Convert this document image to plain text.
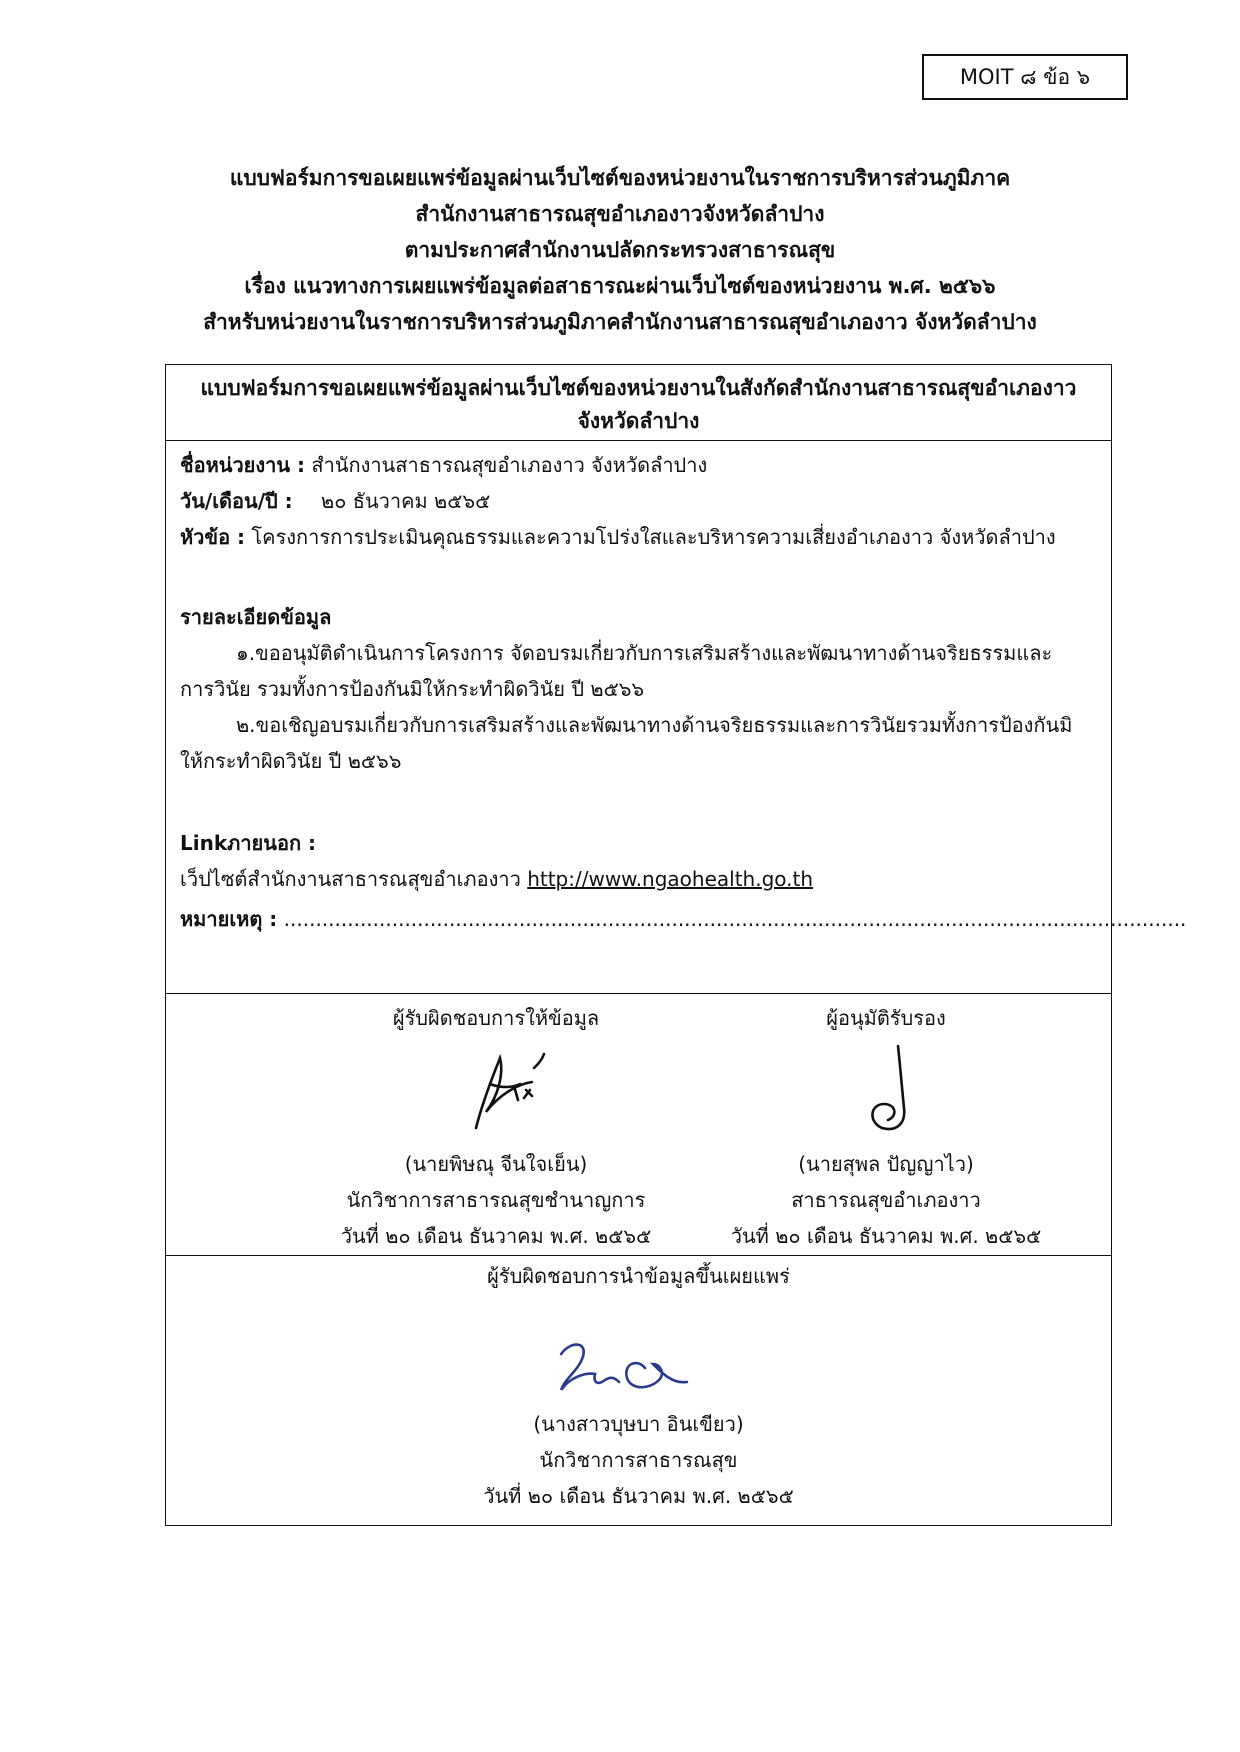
MOIT ๘ ข้อ ๖
แบบฟอร์มการขอเผยแพร่ข้อมูลผ่านเว็บไซต์ของหน่วยงานในราชการบริหารส่วนภูมิภาค
สำนักงานสาธารณสุขอำเภองาวจังหวัดลำปาง
ตามประกาศสำนักงานปลัดกระทรวงสาธารณสุข
เรื่อง แนวทางการเผยแพร่ข้อมูลต่อสาธารณะผ่านเว็บไซต์ของหน่วยงาน พ.ศ. ๒๕๖๖
สำหรับหน่วยงานในราชการบริหารส่วนภูมิภาคสำนักงานสาธารณสุขอำเภองาว จังหวัดลำปาง
แบบฟอร์มการขอเผยแพร่ข้อมูลผ่านเว็บไซต์ของหน่วยงานในสังกัดสำนักงานสาธารณสุขอำเภองาว
จังหวัดลำปาง
ชื่อหน่วยงาน : สำนักงานสาธารณสุขอำเภองาว จังหวัดลำปาง
วัน/เดือน/ปี : ๒๐ ธันวาคม ๒๕๖๕
หัวข้อ : โครงการการประเมินคุณธรรมและความโปร่งใสและบริหารความเสี่ยงอำเภองาว จังหวัดลำปาง
รายละเอียดข้อมูล
๑.ขออนุมัติดำเนินการโครงการ จัดอบรมเกี่ยวกับการเสริมสร้างและพัฒนาทางด้านจริยธรรมและ
การวินัย รวมทั้งการป้องกันมิให้กระทำผิดวินัย ปี ๒๕๖๖
๒.ขอเชิญอบรมเกี่ยวกับการเสริมสร้างและพัฒนาทางด้านจริยธรรมและการวินัยรวมทั้งการป้องกันมิ
ให้กระทำผิดวินัย ปี ๒๕๖๖
Linkภายนอก :
เว็ปไซต์สำนักงานสาธารณสุขอำเภองาว http://www.ngaohealth.go.th
หมายเหตุ : ..............................................................................................................................................
ผู้รับผิดชอบการให้ข้อมูล
(นายพิษณุ จีนใจเย็น)
นักวิชาการสาธารณสุขชำนาญการ
วันที่ ๒๐ เดือน ธันวาคม พ.ศ. ๒๕๖๕
ผู้อนุมัติรับรอง
(นายสุพล ปัญญาไว)
สาธารณสุขอำเภองาว
วันที่ ๒๐ เดือน ธันวาคม พ.ศ. ๒๕๖๕
ผู้รับผิดชอบการนำข้อมูลขึ้นเผยแพร่
(นางสาวบุษบา อินเขียว)
นักวิชาการสาธารณสุข
วันที่ ๒๐ เดือน ธันวาคม พ.ศ. ๒๕๖๕
